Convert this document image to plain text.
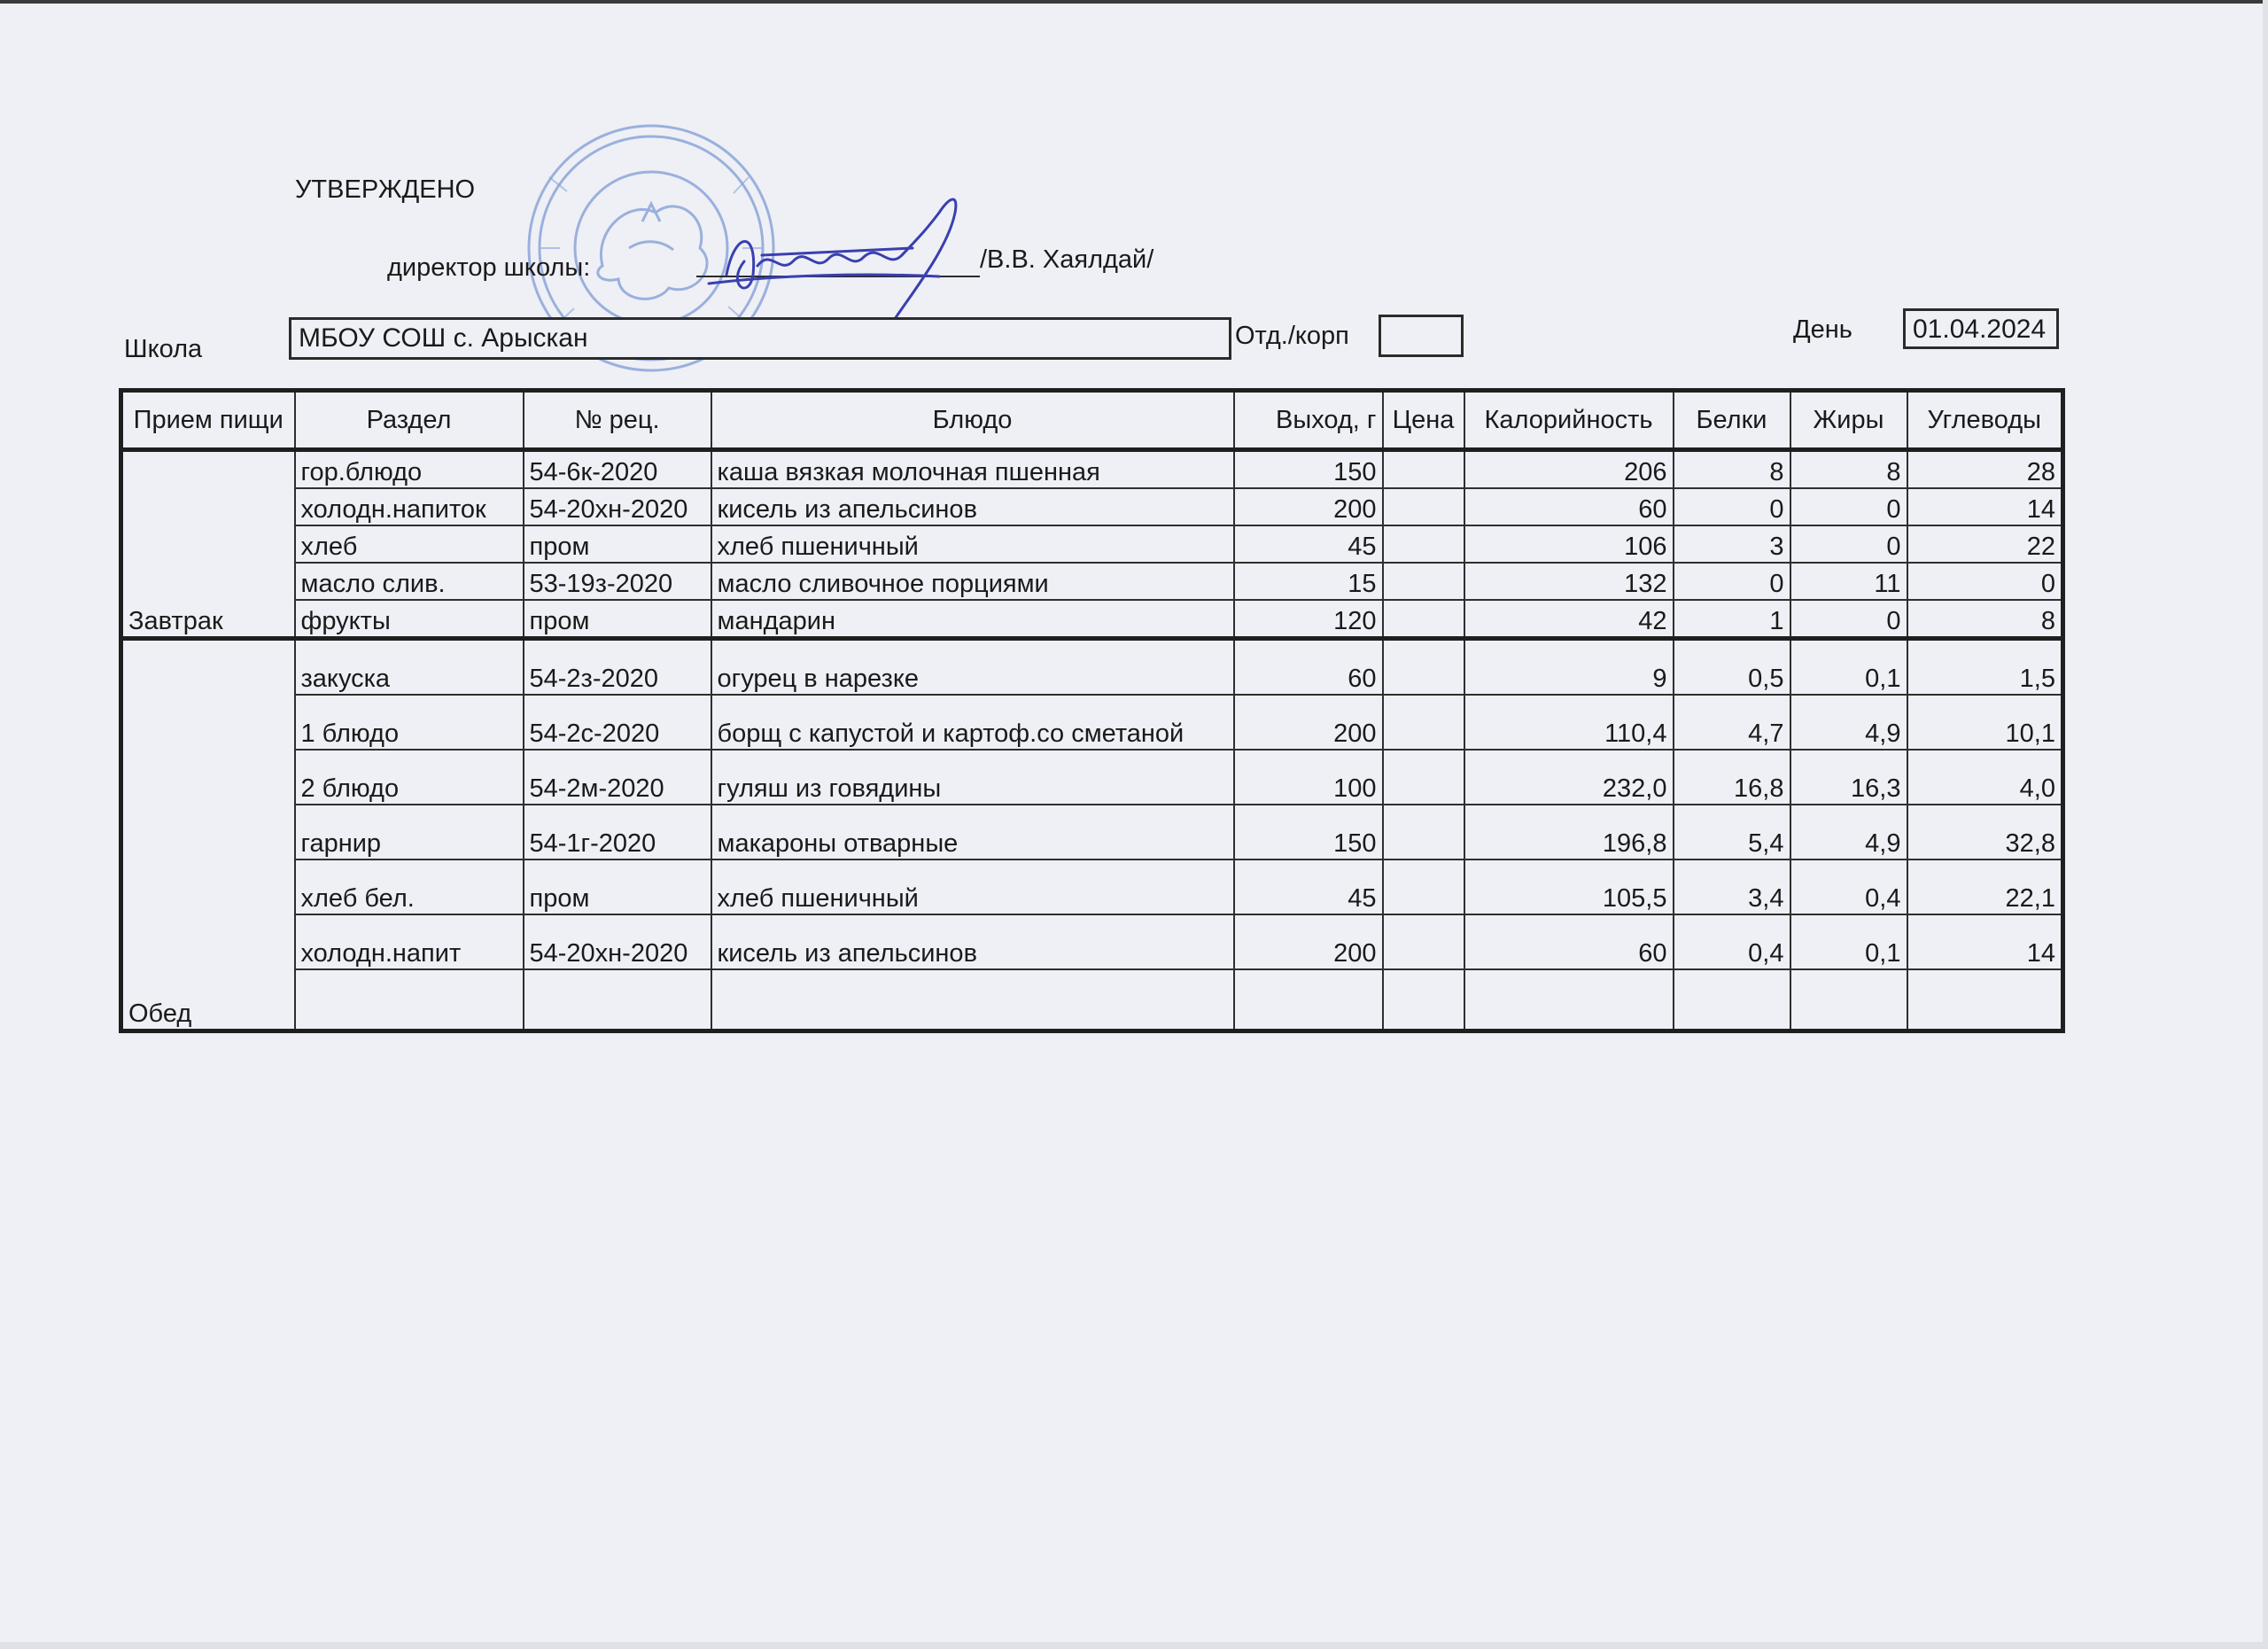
УТВЕРЖДЕНО
директор школы:	/В.В. Хаялдай/
Школа	МБОУ СОШ с. Арыскан	Отд./корп	День	01.04.2024
Прием пищи	Раздел	№ рец.	Блюдо	Выход, г	Цена	Калорийность	Белки	Жиры	Углеводы
Завтрак	гор.блюдо	54-6к-2020	каша вязкая молочная пшенная	150		206	8	8	28
	холодн.напиток	54-20хн-2020	кисель из апельсинов	200		60	0	0	14
	хлеб	пром	хлеб пшеничный	45		106	3	0	22
	масло слив.	53-19з-2020	масло сливочное порциями	15		132	0	11	0
	фрукты	пром	мандарин	120		42	1	0	8
Обед	закуска	54-2з-2020	огурец в нарезке	60		9	0,5	0,1	1,5
	1 блюдо	54-2с-2020	борщ с капустой и картоф.со сметаной	200		110,4	4,7	4,9	10,1
	2 блюдо	54-2м-2020	гуляш из говядины	100		232,0	16,8	16,3	4,0
	гарнир	54-1г-2020	макароны отварные	150		196,8	5,4	4,9	32,8
	хлеб бел.	пром	хлеб пшеничный	45		105,5	3,4	0,4	22,1
	холодн.напит	54-20хн-2020	кисель из апельсинов	200		60	0,4	0,1	14
